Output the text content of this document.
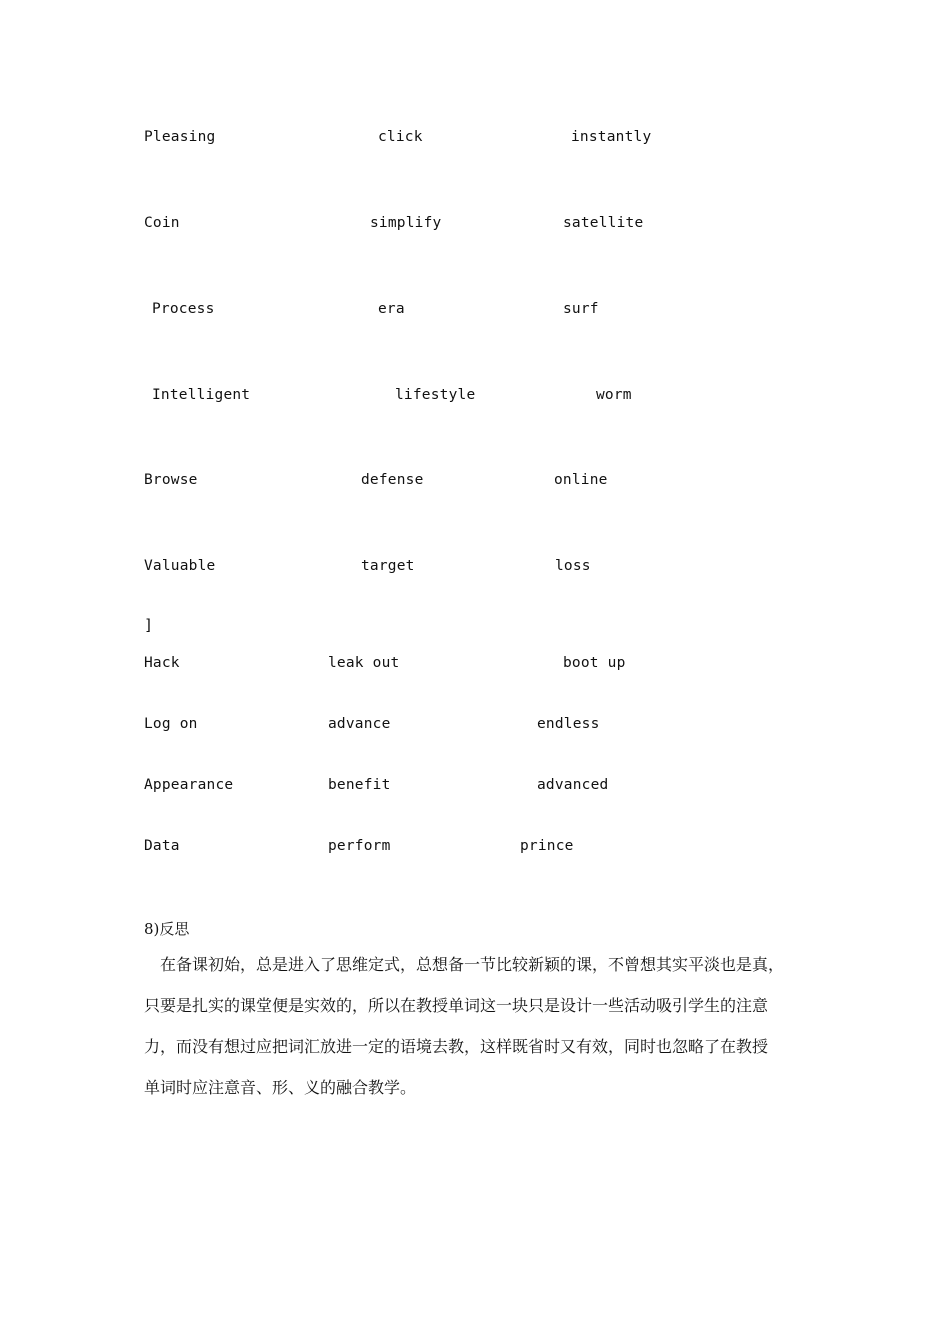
Pleasing	click	instantly
Coin	simplify	satellite
Process	era	surf
Intelligent	lifestyle	worm
Browse	defense	online
Valuable	target	loss
]
Hack	leak out	boot up
Log on	advance	endless
Appearance	benefit	advanced
Data	perform	prince
8)反思
　在备课初始，总是进入了思维定式，总想备一节比较新颖的课，不曾想其实平淡也是真，
只要是扎实的课堂便是实效的，所以在教授单词这一块只是设计一些活动吸引学生的注意
力，而没有想过应把词汇放进一定的语境去教，这样既省时又有效，同时也忽略了在教授
单词时应注意音、形、义的融合教学。
